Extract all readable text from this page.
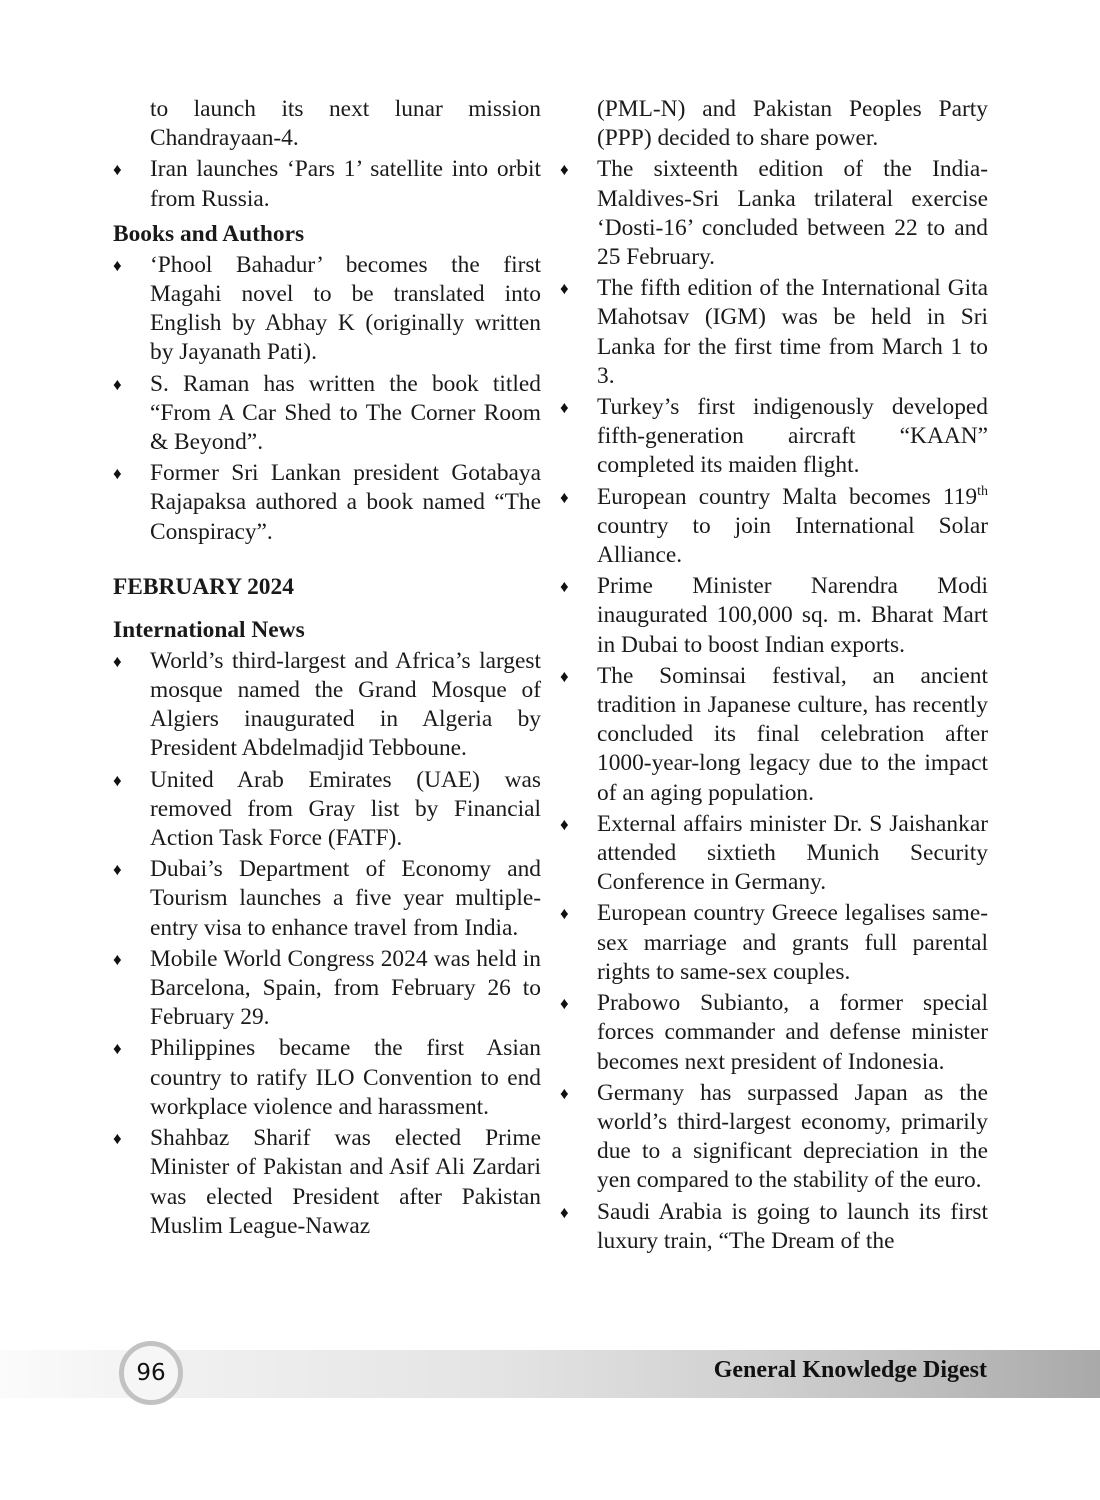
to launch its next lunar mission Chandrayaan-4.
♦ Iran launches ‘Pars 1’ satellite into orbit from Russia.
Books and Authors
♦ ‘Phool Bahadur’ becomes the first Magahi novel to be translated into English by Abhay K (originally written by Jayanath Pati).
♦ S. Raman has written the book titled “From A Car Shed to The Corner Room & Beyond”.
♦ Former Sri Lankan president Gotabaya Rajapaksa authored a book named “The Conspiracy”.
FEBRUARY 2024
International News
♦ World’s third-largest and Africa’s largest mosque named the Grand Mosque of Algiers inaugurated in Algeria by President Abdelmadjid Tebboune.
♦ United Arab Emirates (UAE) was removed from Gray list by Financial Action Task Force (FATF).
♦ Dubai’s Department of Economy and Tourism launches a five year multiple-entry visa to enhance travel from India.
♦ Mobile World Congress 2024 was held in Barcelona, Spain, from February 26 to February 29.
♦ Philippines became the first Asian country to ratify ILO Convention to end workplace violence and harassment.
♦ Shahbaz Sharif was elected Prime Minister of Pakistan and Asif Ali Zardari was elected President after Pakistan Muslim League-Nawaz
(PML-N) and Pakistan Peoples Party (PPP) decided to share power.
♦ The sixteenth edition of the India-Maldives-Sri Lanka trilateral exercise ‘Dosti-16’ concluded between 22 to and 25 February.
♦ The fifth edition of the International Gita Mahotsav (IGM) was be held in Sri Lanka for the first time from March 1 to 3.
♦ Turkey’s first indigenously developed fifth-generation aircraft “KAAN” completed its maiden flight.
♦ European country Malta becomes 119th country to join International Solar Alliance.
♦ Prime Minister Narendra Modi inaugurated 100,000 sq. m. Bharat Mart in Dubai to boost Indian exports.
♦ The Sominsai festival, an ancient tradition in Japanese culture, has recently concluded its final celebration after 1000-year-long legacy due to the impact of an aging population.
♦ External affairs minister Dr. S Jaishankar attended sixtieth Munich Security Conference in Germany.
♦ European country Greece legalises same-sex marriage and grants full parental rights to same-sex couples.
♦ Prabowo Subianto, a former special forces commander and defense minister becomes next president of Indonesia.
♦ Germany has surpassed Japan as the world’s third-largest economy, primarily due to a significant depreciation in the yen compared to the stability of the euro.
♦ Saudi Arabia is going to launch its first luxury train, “The Dream of the
96	General Knowledge Digest
